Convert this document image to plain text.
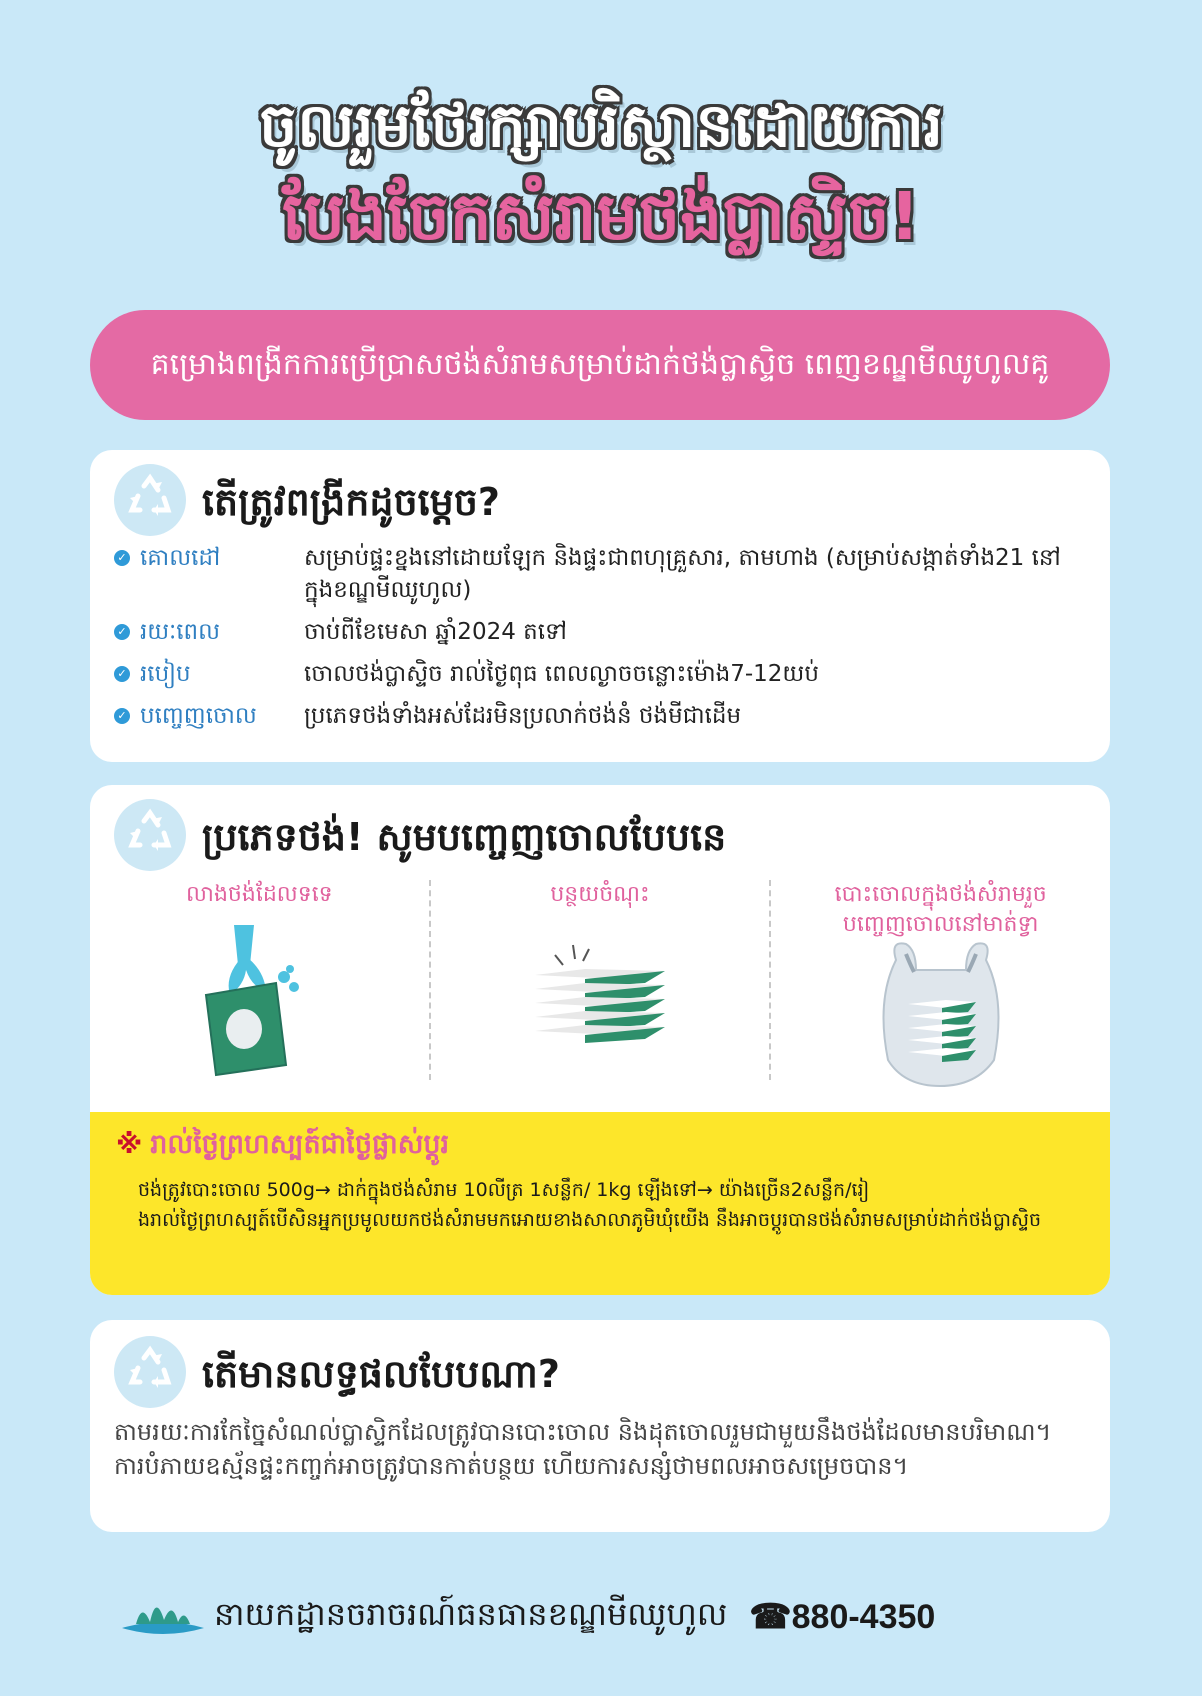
ចូលរួមថែរក្សាបរិស្ថានដោយការ
បែងចែកសំរាមថង់ប្លាស្ទិច!
គម្រោងពង្រីកការប្រើប្រាសថង់សំរាមសម្រាប់ដាក់ថង់ប្លាស្ទិច ពេញខណ្ឌមីឈូហូលគូ
តើត្រូវពង្រីកដូចម្ដេច?
✓ គោលដៅ	សម្រាប់ផ្ទះខ្នងនៅដោយឡែក និងផ្ទះជាពហុគ្រួសារ, តាមហាង (សម្រាប់សង្កាត់ទាំង21 នៅក្នុងខណ្ឌមីឈូហូល)
✓ រយៈពេល	ចាប់ពីខែមេសា ឆ្នាំ2024 តទៅ
✓ របៀប	ចោលថង់ប្លាស្ទិច រាល់ថ្ងៃពុធ ពេលល្ងាចចន្លោះម៉ោង7-12យប់
✓ បញ្ចេញចោល ប្រភេទថង់ទាំងអស់ដែរមិនប្រលាក់ថង់នំ ថង់មីជាដើម
ប្រភេទថង់! សូមបញ្ចេញចោលបែបនេ
លាងថង់ដែលទទេ	បន្ថយចំណុះ	បោះចោលក្នុងថង់សំរាមរួច បញ្ចេញចោលនៅមាត់ទ្វា
※ រាល់ថ្ងៃព្រហស្បត៍ជាថ្ងៃផ្លាស់ប្ដូរ
ថង់ត្រូវបោះចោល 500g→ ដាក់ក្នុងថង់សំរាម 10លីត្រ 1សន្លឹក/ 1kg ឡើងទៅ→ យ៉ាងច្រើន2សន្លឹក/រៀ
ងរាល់ថ្ងៃព្រហស្បត៍បើសិនអ្នកប្រមូលយកថង់សំរាមមកអោយខាងសាលាភូមិឃុំយើង នឹងអាចប្ដូរបានថង់សំរាមសម្រាប់ដាក់ថង់ប្លាស្ទិច
តើមានលទ្ធផលបែបណា?
តាមរយៈការកែច្នៃសំណល់ប្លាស្ទិកដែលត្រូវបានបោះចោល និងដុតចោលរួមជាមួយនឹងថង់ដែលមានបរិមាណ។ការបំភាយឧស្ម័នផ្ទះកញ្ចក់អាចត្រូវបានកាត់បន្ថយ ហើយការសន្សំថាមពលអាចសម្រេចបាន។
នាយកដ្ឋានចរាចរណ៍ធនធានខណ្ឌមីឈូហូល ☎880-4350
